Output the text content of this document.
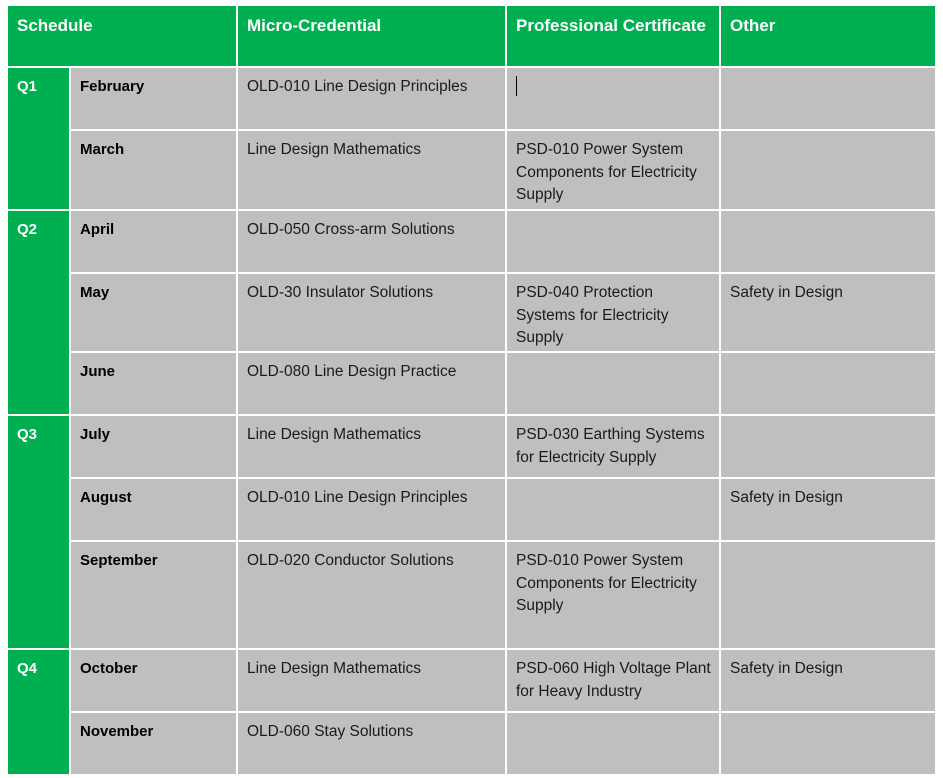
Schedule		Micro-Credential	Professional Certificate	Other

Q1	February	OLD-010 Line Design Principles		

	March	Line Design Mathematics	PSD-010 Power System Components for Electricity Supply	

Q2	April	OLD-050 Cross-arm Solutions		

	May	OLD-30 Insulator Solutions	PSD-040 Protection Systems for Electricity Supply	Safety in Design

	June	OLD-080 Line Design Practice		

Q3	July	Line Design Mathematics	PSD-030 Earthing Systems for Electricity Supply	

	August	OLD-010 Line Design Principles		Safety in Design

	September	OLD-020 Conductor Solutions	PSD-010 Power System Components for Electricity Supply	

Q4	October	Line Design Mathematics	PSD-060 High Voltage Plant for Heavy Industry	Safety in Design

	November	OLD-060 Stay Solutions		
